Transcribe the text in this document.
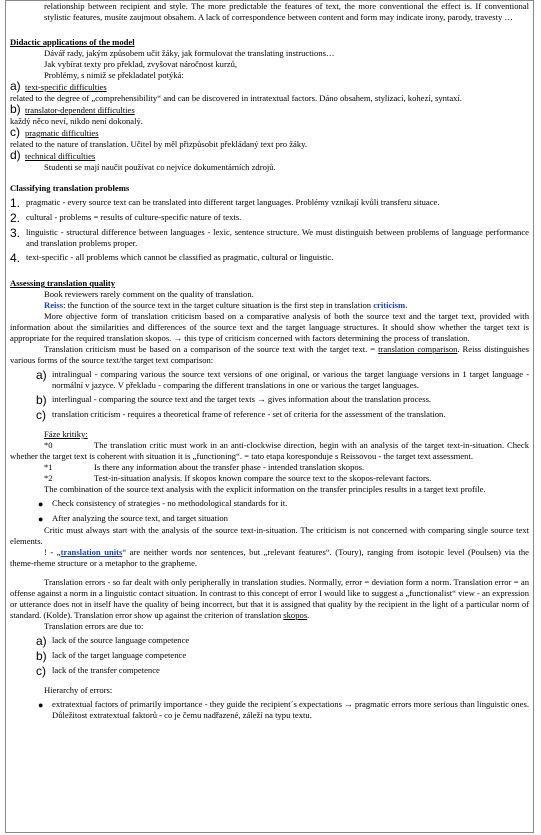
relationship between recipient and style. The more predictable the features of text, the more conventional the effect is. If conventional stylistic features, musíte zaujmout obsahem. A lack of correspondence between content and form may indicate irony, parody, travesty …

Didactic applications of the model

Dávář rady, jakým způsobem učit žáky, jak formulovat the translating instructions…

Jak vybírat texty pro překlad, zvyšovat náročnost kurzů,

Problémy, s nimiž se překladatel potýká:

a) text-specific difficulties

related to the degree of „comprehensibility“ and can be discovered in intratextual factors. Dáno obsahem, stylizací, kohezí, syntaxí.

b) translator-dependent difficulties

každý něco neví, nikdo není dokonalý.

c) pragmatic difficulties

related to the nature of translation. Učitel by měl přizpůsobit překládaný text pro žáky.

d) technical difficulties

Studenti se mají naučit používat co nejvíce dokumentárních zdrojů.

Classifying translation problems

1. pragmatic - every source text can be translated into different target languages. Problémy vznikají kvůli transferu situace.
2. cultural - problems = results of culture-specific nature of texts.
3. linguistic - structural difference between languages - lexic, sentence structure. We must distinguish between problems of language performance and translation problems proper.
4. text-specific - all problems which cannot be classified as pragmatic, cultural or linguistic.

Assessing translation quality

Book reviewers rarely comment on the quality of translation.

Reiss: the function of the source text in the target culture situation is the first step in translation criticism.

More objective form of translation criticism based on a comparative analysis of both the source text and the target text, provided with information about the similarities and differences of the source text and the target language structures. It should show whether the target text is appropriate for the required translation skopos. → this type of criticism concerned with factors determining the process of translation.

Translation criticism must be based on a comparison of the source text with the target text. = translation comparison. Reiss distinguishes various forms of the source text/the target text comparison:

a) intralingual - comparing various the source text versions of one original, or various the target language versions in 1 target language - normální v jazyce. V překladu - comparing the different translations in one or various the target languages.
b) interlingual - comparing the source text and the target texts → gives information about the translation process.
c) translation criticism - requires a theoretical frame of reference - set of criteria for the assessment of the translation.

Fáze kritiky:

*0	The translation critic must work in an anti-clockwise direction, begin with an analysis of the target text-in-situation. Check whether the target text is coherent with situation it is „functioning“. = tato etapa koresponduje s Reissovou - the target text assessment.

*1	Is there any information about the transfer phase - intended translation skopos.
*2	Test-in-situation analysis. If skopos known compare the source text to the skopos-relevant factors.

The combination of the source text analysis with the explicit information on the transfer principles results in a target text profile.

● Check consistency of strategies - no methodological standards for it.
● After analyzing the source text, and target situation

Critic must always start with the analysis of the source text-in-situation. The criticism is not concerned with comparing single source text elements.

! - „translation units“ are neither words nor sentences, but „relevant features“. (Toury), ranging from isotopic level (Poulsen) via the theme-rheme structure or a metaphor to the grapheme.

Translation errors - so far dealt with only peripherally in translation studies. Normally, error = deviation form a norm. Translation error = an offense against a norm in a linguistic contact situation. In contrast to this concept of error I would like to suggest a „functionalist“ view - an expression or utterance does not in itself have the quality of being incorrect, but that it is assigned that quality by the recipient in the light of a particular norm of standard. (Kolde). Translation error show up against the criterion of translation skopos.

Translation errors are due to:

a) lack of the source language competence
b) lack of the target language competence
c) lack of the transfer competence

Hierarchy of errors:

● extratextual factors of primarily importance - they guide the recipient´s expectations → pragmatic errors more serious than linguistic ones. Důležitost extratextual faktorů - co je čemu nadřazené, záleží na typu textu.
